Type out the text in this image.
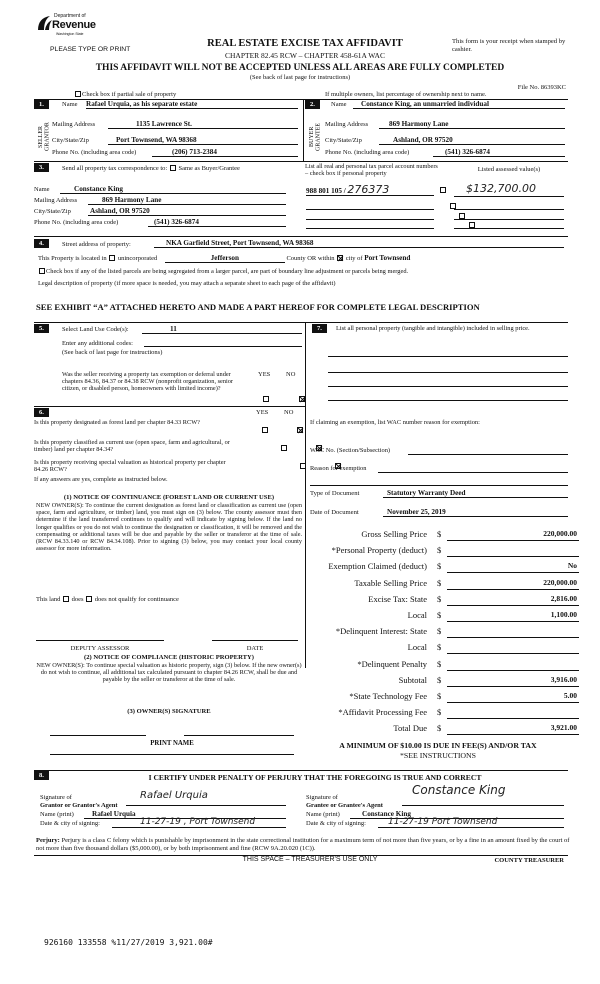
Department of
Revenue
Washington State
PLEASE TYPE OR PRINT
REAL ESTATE EXCISE TAX AFFIDAVIT
CHAPTER 82.45 RCW – CHAPTER 458-61A WAC
This form is your receipt when stamped by cashier.
THIS AFFIDAVIT WILL NOT BE ACCEPTED UNLESS ALL AREAS ARE FULLY COMPLETED
(See back of last page for instructions)
File No. 86393KC
Check box if partial sale of property	If multiple owners, list percentage of ownership next to name.
1.
SELLER GRANTOR
Name Rafael Urquia, as his separate estate
Mailing Address	1135 Lawrence St.
City/State/Zip	Port Townsend, WA 98368
Phone No. (including area code)	(206) 713-2384
2.
BUYER GRANTEE
Name	Constance King, an unmarried individual
Mailing Address	869 Harmony Lane
City/State/Zip	Ashland, OR 97520
Phone No. (including area code)	(541) 326-6874
3.	Send all property tax correspondence to: Same as Buyer/Grantee	List all real and personal tax parcel account numbers – check box if personal property
Listed assessed value(s)
Name	Constance King
Mailing Address	869 Harmony Lane
City/State/Zip	Ashland, OR 97520
Phone No. (including area code)	(541) 326-6874
988 801 105 / 276373
	$132,700.00

4.	Street address of property:	NKA Garfield Street, Port Townsend, WA 98368
This Property is located in unincorporated	Jefferson	County OR within city of Port Townsend
Check box if any of the listed parcels are being segregated from a larger parcel, are part of boundary line adjustment or parcels being merged.
Legal description of property (if more space is needed, you may attach a separate sheet to each page of the affidavit)
SEE EXHIBIT “A” ATTACHED HERETO AND MADE A PART HEREOF FOR COMPLETE LEGAL DESCRIPTION
5.	Select Land Use Code(s):	11
Enter any additional codes:
(See back of last page for instructions)
Was the seller receiving a property tax exemption or deferral under chapters 84.36, 84.37 or 84.38 RCW (nonprofit organization, senior citizen, or disabled person, homeowners with limited income)?
YES NO

6.	YES NO
Is this property designated as forest land per chapter 84.33 RCW?

Is this property classified as current use (open space, farm and agricultural, or timber) land per chapter 84.34?

Is this property receiving special valuation as historical property per chapter 84.26 RCW?

If any answers are yes, complete as instructed below.
(1) NOTICE OF CONTINUANCE (FOREST LAND OR CURRENT USE)
NEW OWNER(S): To continue the current designation as forest land or classification as current use (open space, farm and agriculture, or timber) land, you must sign on (3) below. The county assessor must then determine if the land transferred continues to qualify and will indicate by signing below. If the land no longer qualifies or you do not wish to continue the designation or classification, it will be removed and the compensating or additional taxes will be due and payable by the seller or transferor at the time of sale. (RCW 84.33.140 or RCW 84.34.108). Prior to signing (3) below, you may contact your local county assessor for more information.
This land does does not qualify for continuance
DEPUTY ASSESSOR	DATE
(2) NOTICE OF COMPLIANCE (HISTORIC PROPERTY)
NEW OWNER(S): To continue special valuation as historic property, sign (3) below. If the new owner(s) do not wish to continue, all additional tax calculated pursuant to chapter 84.26 RCW, shall be due and payable by the seller or transferor at the time of sale.
(3) OWNER(S) SIGNATURE
PRINT NAME
7.	List all personal property (tangible and intangible) included in selling price.
If claiming an exemption, list WAC number reason for exemption:
WAC No. (Section/Subsection)
Reason for exemption
Type of Document	Statutory Warranty Deed
Date of Document	November 25, 2019
Gross Selling Price $	220,000.00
*Personal Property (deduct) $
Exemption Claimed (deduct) $	No
Taxable Selling Price $	220,000.00
Excise Tax: State $	2,816.00
Local $	1,100.00
*Delinquent Interest: State $
Local $
*Delinquent Penalty $
Subtotal $	3,916.00
*State Technology Fee $	5.00
*Affidavit Processing Fee $
Total Due $	3,921.00
A MINIMUM OF $10.00 IS DUE IN FEE(S) AND/OR TAX
*SEE INSTRUCTIONS
8.	I CERTIFY UNDER PENALTY OF PERJURY THAT THE FOREGOING IS TRUE AND CORRECT
Signature of
Grantor or Grantor's Agent
Rafael Urquia
Name (print)	Rafael Urquia
Date & city of signing:	11-27-19 , Port Townsend
Signature of
Grantee or Grantee's Agent
Constance King
Name (print)	Constance King
Date & city of signing:	11-27-19 Port Townsend
Perjury: Perjury is a class C felony which is punishable by imprisonment in the state correctional institution for a maximum term of not more than five years, or by a fine in an amount fixed by the court of not more than five thousand dollars ($5,000.00), or by both imprisonment and fine (RCW 9A.20.020 (1C)).
THIS SPACE – TREASURER'S USE ONLY	COUNTY TREASURER
926160 133558 %11/27/2019 3,921.00#
